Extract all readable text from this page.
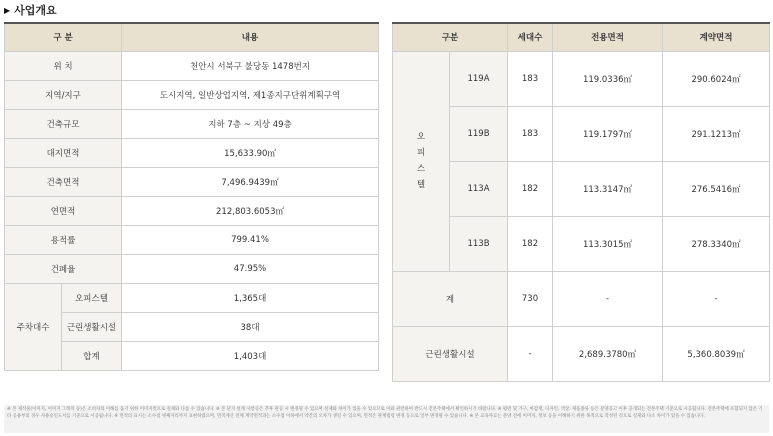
▶ 사업개요
구 분		내용
위 치		천안시 서북구 불당동 1478번지
지역/지구		도시지역, 일반상업지역, 제1종지구단위계획구역
건축규모		지하 7층 ~ 지상 49층
대지면적		15,633.90㎡
건축면적		7,496.9439㎡
연면적		212,803.6053㎡
용적률		799.41%
건폐율		47.95%
주차대수	오피스텔	1,365대
	근린생활시설	38대
	합계	1,403대
구분		세대수	전용면적	계약면적
오
피
스
텔	119A	183	119.0336㎡	290.6024㎡
	119B	183	119.1797㎡	291.1213㎡
	113A	182	113.3147㎡	276.5416㎡
	113B	182	113.3015㎡	278.3340㎡
계		730	-	-
근린생활시설		-	2,689.3780㎡	5,360.8039㎡
※ 본 제작물(이미지, 이미지 그래픽 등)은 소비자의 이해를 돕기 위한 이미지컷으로 실제와 다를 수 있습니다. ※ 본 단지 설계 사항들은 추후 관공 시 변경될 수 있으며 실제와 차이가 있을 수 있으므로 이와 관련하여 반드시 견본주택에서 확인하시기 바랍니다. ※ 평면 및 가구, 마감재, 디자인, 색상, 제품종류 등은 분양공고 이후 공개되는 견본주택 기준으로 시공됩니다. 견본주택에 포함되지 않은 기타 공용부의 경우 사용승인도서를 기준으로 시공됩니다. ※ 면적의 표시는 소수점 넷째자리까지 표현하였으며, 면적계산 전체 계약면적과는 소수점 이하에서 약간의 오차가 생길 수 있으며, 면적은 관계법령 변경 등으로 일부 변경될 수 있습니다. ※ 본 교육자료는 분양 전에 이미지, 정보 등을 이해하기 위한 목적으로 작성된 것으로 실제와 다소 차이가 있을 수 있습니다.
